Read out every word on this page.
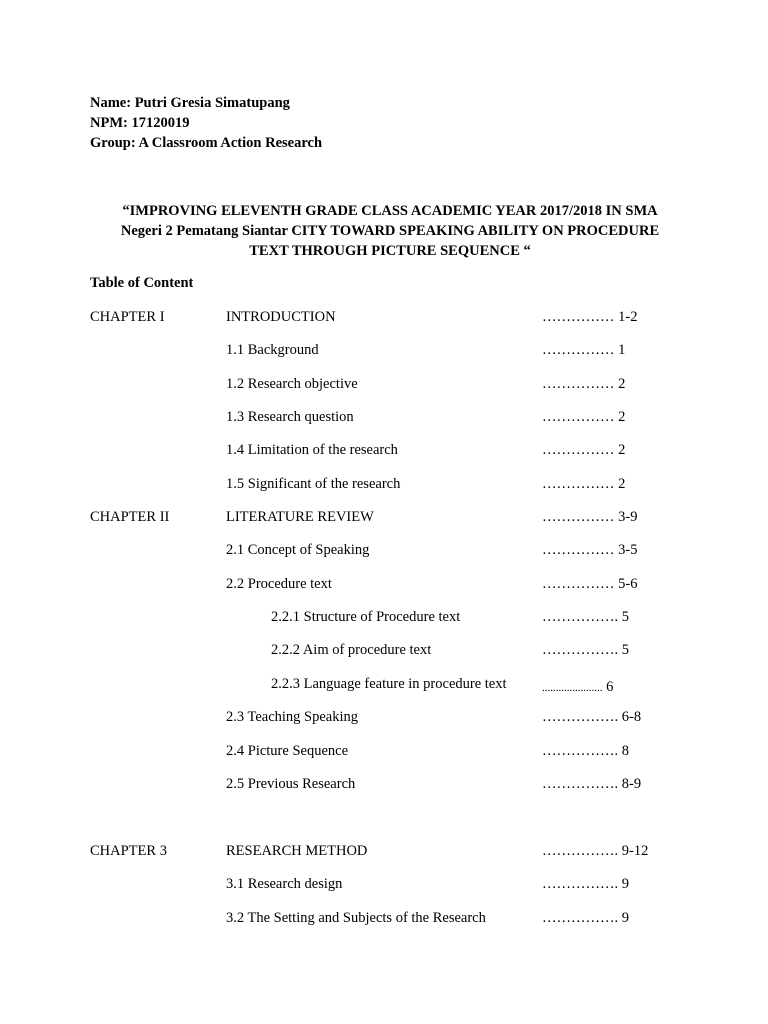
Name: Putri Gresia Simatupang
NPM: 17120019
Group: A Classroom Action Research
“IMPROVING ELEVENTH GRADE CLASS ACADEMIC YEAR 2017/2018 IN SMA
Negeri 2 Pematang Siantar CITY TOWARD SPEAKING ABILITY ON PROCEDURE
TEXT THROUGH PICTURE SEQUENCE “
Table of Content
CHAPTER I	INTRODUCTION	…………… 1-2
1.1 Background	…………… 1
1.2 Research objective	…………… 2
1.3 Research question	…………… 2
1.4 Limitation of the research	…………… 2
1.5 Significant of the research	…………… 2
CHAPTER II	LITERATURE REVIEW	…………… 3-9
2.1 Concept of Speaking	…………… 3-5
2.2 Procedure text	…………… 5-6
2.2.1 Structure of Procedure text	……………. 5
2.2.2 Aim of procedure text	……………. 5
2.2.3 Language feature in procedure text	...................... 6
2.3 Teaching Speaking	……………. 6-8
2.4 Picture Sequence	……………. 8
2.5 Previous Research	……………. 8-9
CHAPTER 3	RESEARCH METHOD	……………. 9-12
3.1 Research design	……………. 9
3.2 The Setting and Subjects of the Research	……………. 9
